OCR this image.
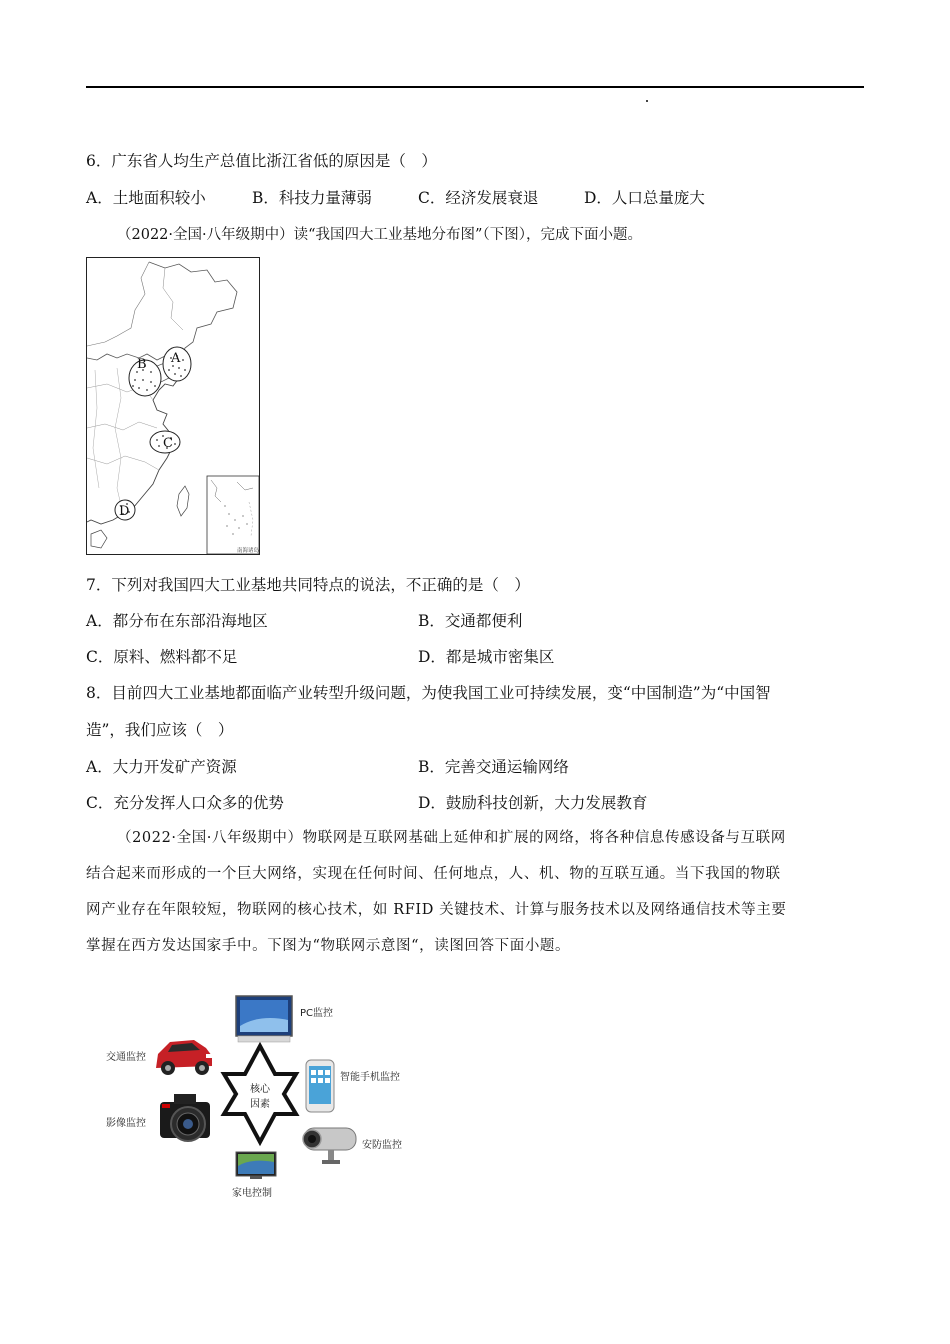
6．广东省人均生产总值比浙江省低的原因是（　）
A．土地面积较小	B．科技力量薄弱	C．经济发展衰退	D．人口总量庞大
（2022·全国·八年级期中）读“我国四大工业基地分布图”（下图），完成下面小题。
B A
C
D
南海诸岛
7．下列对我国四大工业基地共同特点的说法，不正确的是（　）
A．都分布在东部沿海地区	B．交通都便利
C．原料、燃料都不足	D．都是城市密集区
8．目前四大工业基地都面临产业转型升级问题，为使我国工业可持续发展，变“中国制造”为“中国智
造”，我们应该（　）
A．大力开发矿产资源	B．完善交通运输网络
C．充分发挥人口众多的优势	D．鼓励科技创新，大力发展教育

（2022·全国·八年级期中）物联网是互联网基础上延伸和扩展的网络，将各种信息传感设备与互联网

结合起来而形成的一个巨大网络，实现在任何时间、任何地点，人、机、物的互联互通。当下我国的物联

网产业存在年限较短，物联网的核心技术，如 RFID 关键技术、计算与服务技术以及网络通信技术等主要

掌握在西方发达国家手中。下图为“物联网示意图“，读图回答下面小题。

核心
因素
PC监控
交通监控
智能手机监控
影像监控
安防监控
家电控制
